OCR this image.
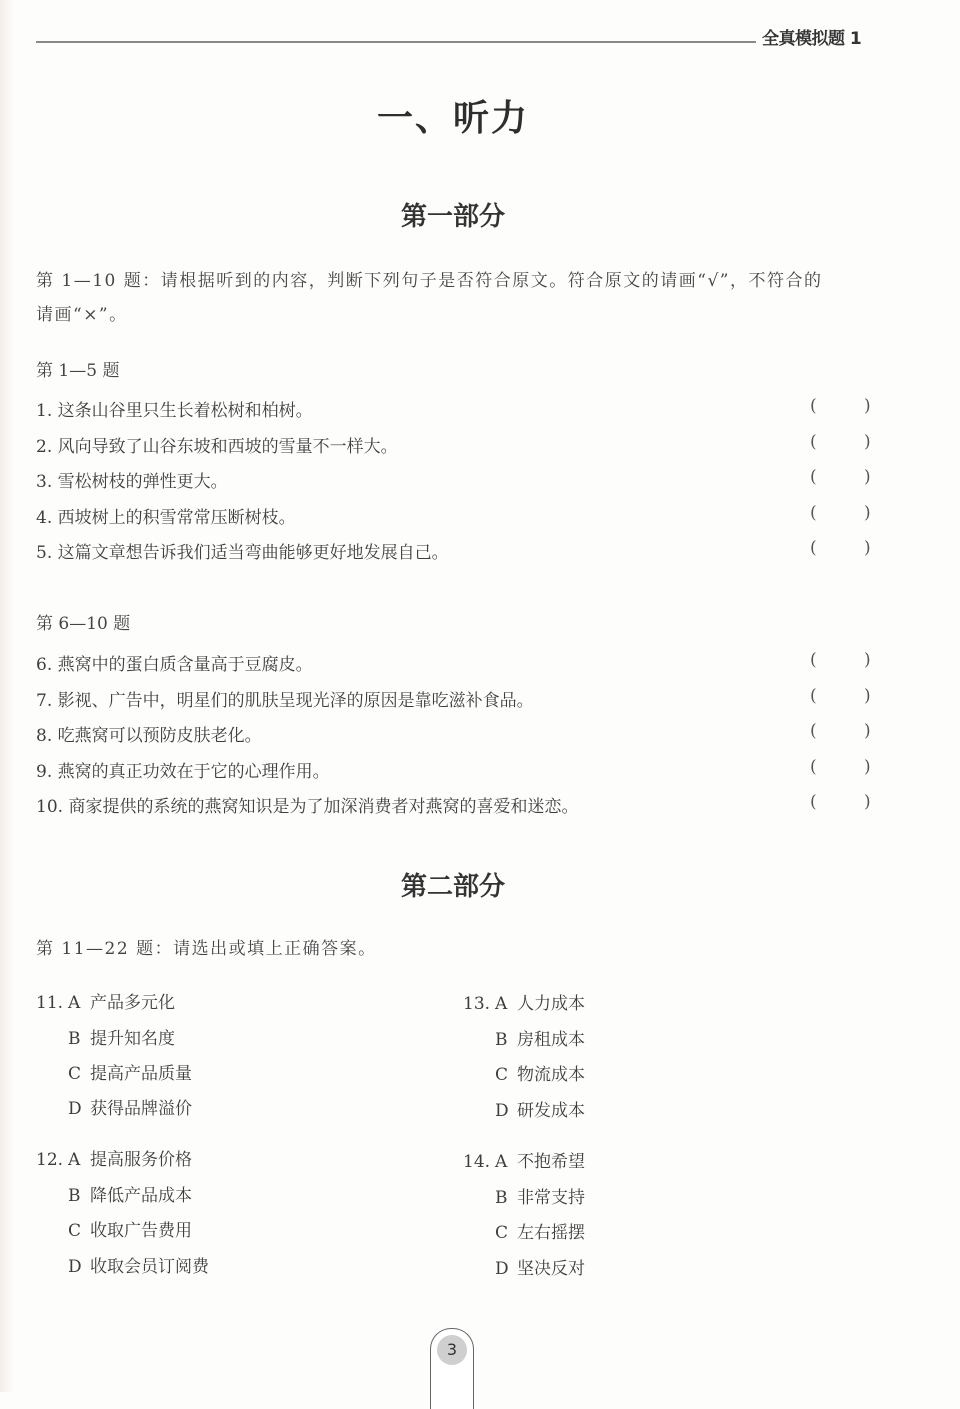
全真模拟题 1
一、听力
第一部分
第 1—10 题：请根据听到的内容，判断下列句子是否符合原文。符合原文的请画“√”，不符合的
请画“×”。
第 1—5 题
1. 这条山谷里只生长着松树和柏树。	(	)
2. 风向导致了山谷东坡和西坡的雪量不一样大。	(	)
3. 雪松树枝的弹性更大。	(	)
4. 西坡树上的积雪常常压断树枝。	(	)
5. 这篇文章想告诉我们适当弯曲能够更好地发展自己。	(	)
第 6—10 题
6. 燕窝中的蛋白质含量高于豆腐皮。	(	)
7. 影视、广告中，明星们的肌肤呈现光泽的原因是靠吃滋补食品。	(	)
8. 吃燕窝可以预防皮肤老化。	(	)
9. 燕窝的真正功效在于它的心理作用。	(	)
10. 商家提供的系统的燕窝知识是为了加深消费者对燕窝的喜爱和迷恋。	(	)
第二部分
第 11—22 题：请选出或填上正确答案。
11. A 产品多元化
B 提升知名度
C 提高产品质量
D 获得品牌溢价
12. A 提高服务价格
B 降低产品成本
C 收取广告费用
D 收取会员订阅费
13. A 人力成本
B 房租成本
C 物流成本
D 研发成本
14. A 不抱希望
B 非常支持
C 左右摇摆
D 坚决反对
3
